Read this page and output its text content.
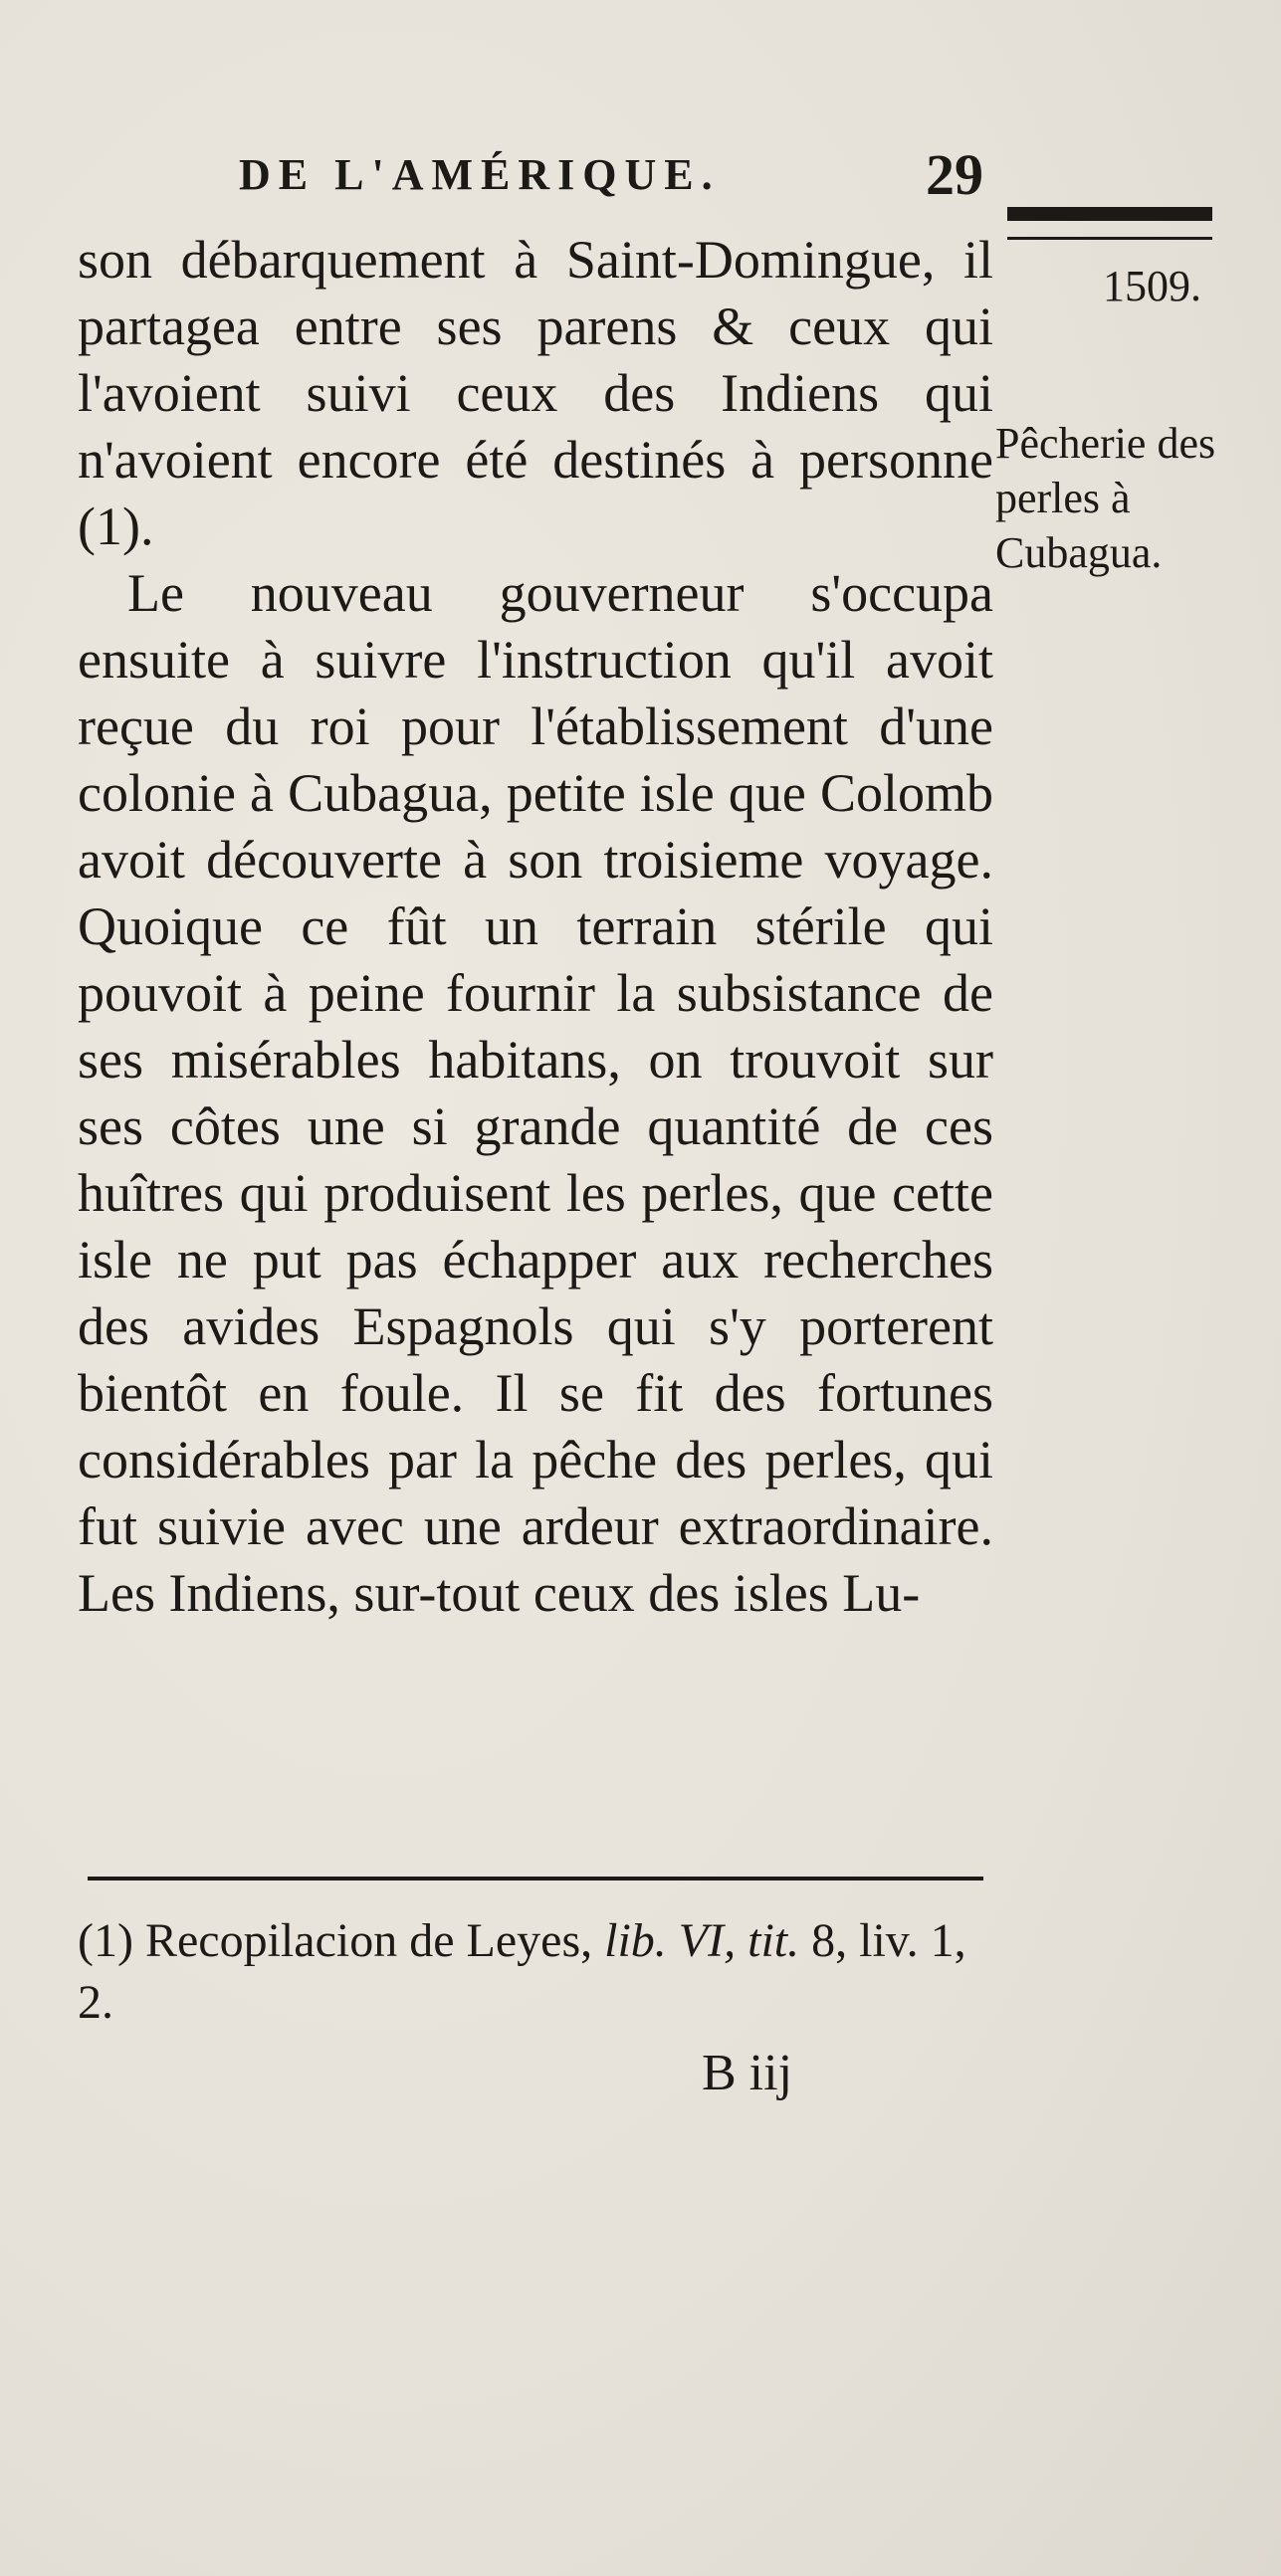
DE L'AMÉRIQUE.	29
1509.

son débarquement à Saint-Domingue, il partagea entre ses parens & ceux qui l'avoient suivi ceux des Indiens qui n'avoient encore été destinés à personne (1).

Le nouveau gouverneur s'occupa ensuite à suivre l'instruction qu'il avoit reçue du roi pour l'établissement d'une colonie à Cubagua, petite isle que Colomb avoit découverte à son troisieme voyage. Quoique ce fût un terrain stérile qui pouvoit à peine fournir la subsistance de ses misérables habitans, on trouvoit sur ses côtes une si grande quantité de ces huîtres qui produisent les perles, que cette isle ne put pas échapper aux recherches des avides Espagnols qui s'y porterent bientôt en foule. Il se fit des fortunes considérables par la pêche des perles, qui fut suivie avec une ardeur extraordinaire. Les Indiens, sur-tout ceux des isles Lu-

Pêcherie des perles à Cubagua.
(1) Recopilacion de Leyes, lib. VI, tit. 8, liv. 1, 2.
B iij
